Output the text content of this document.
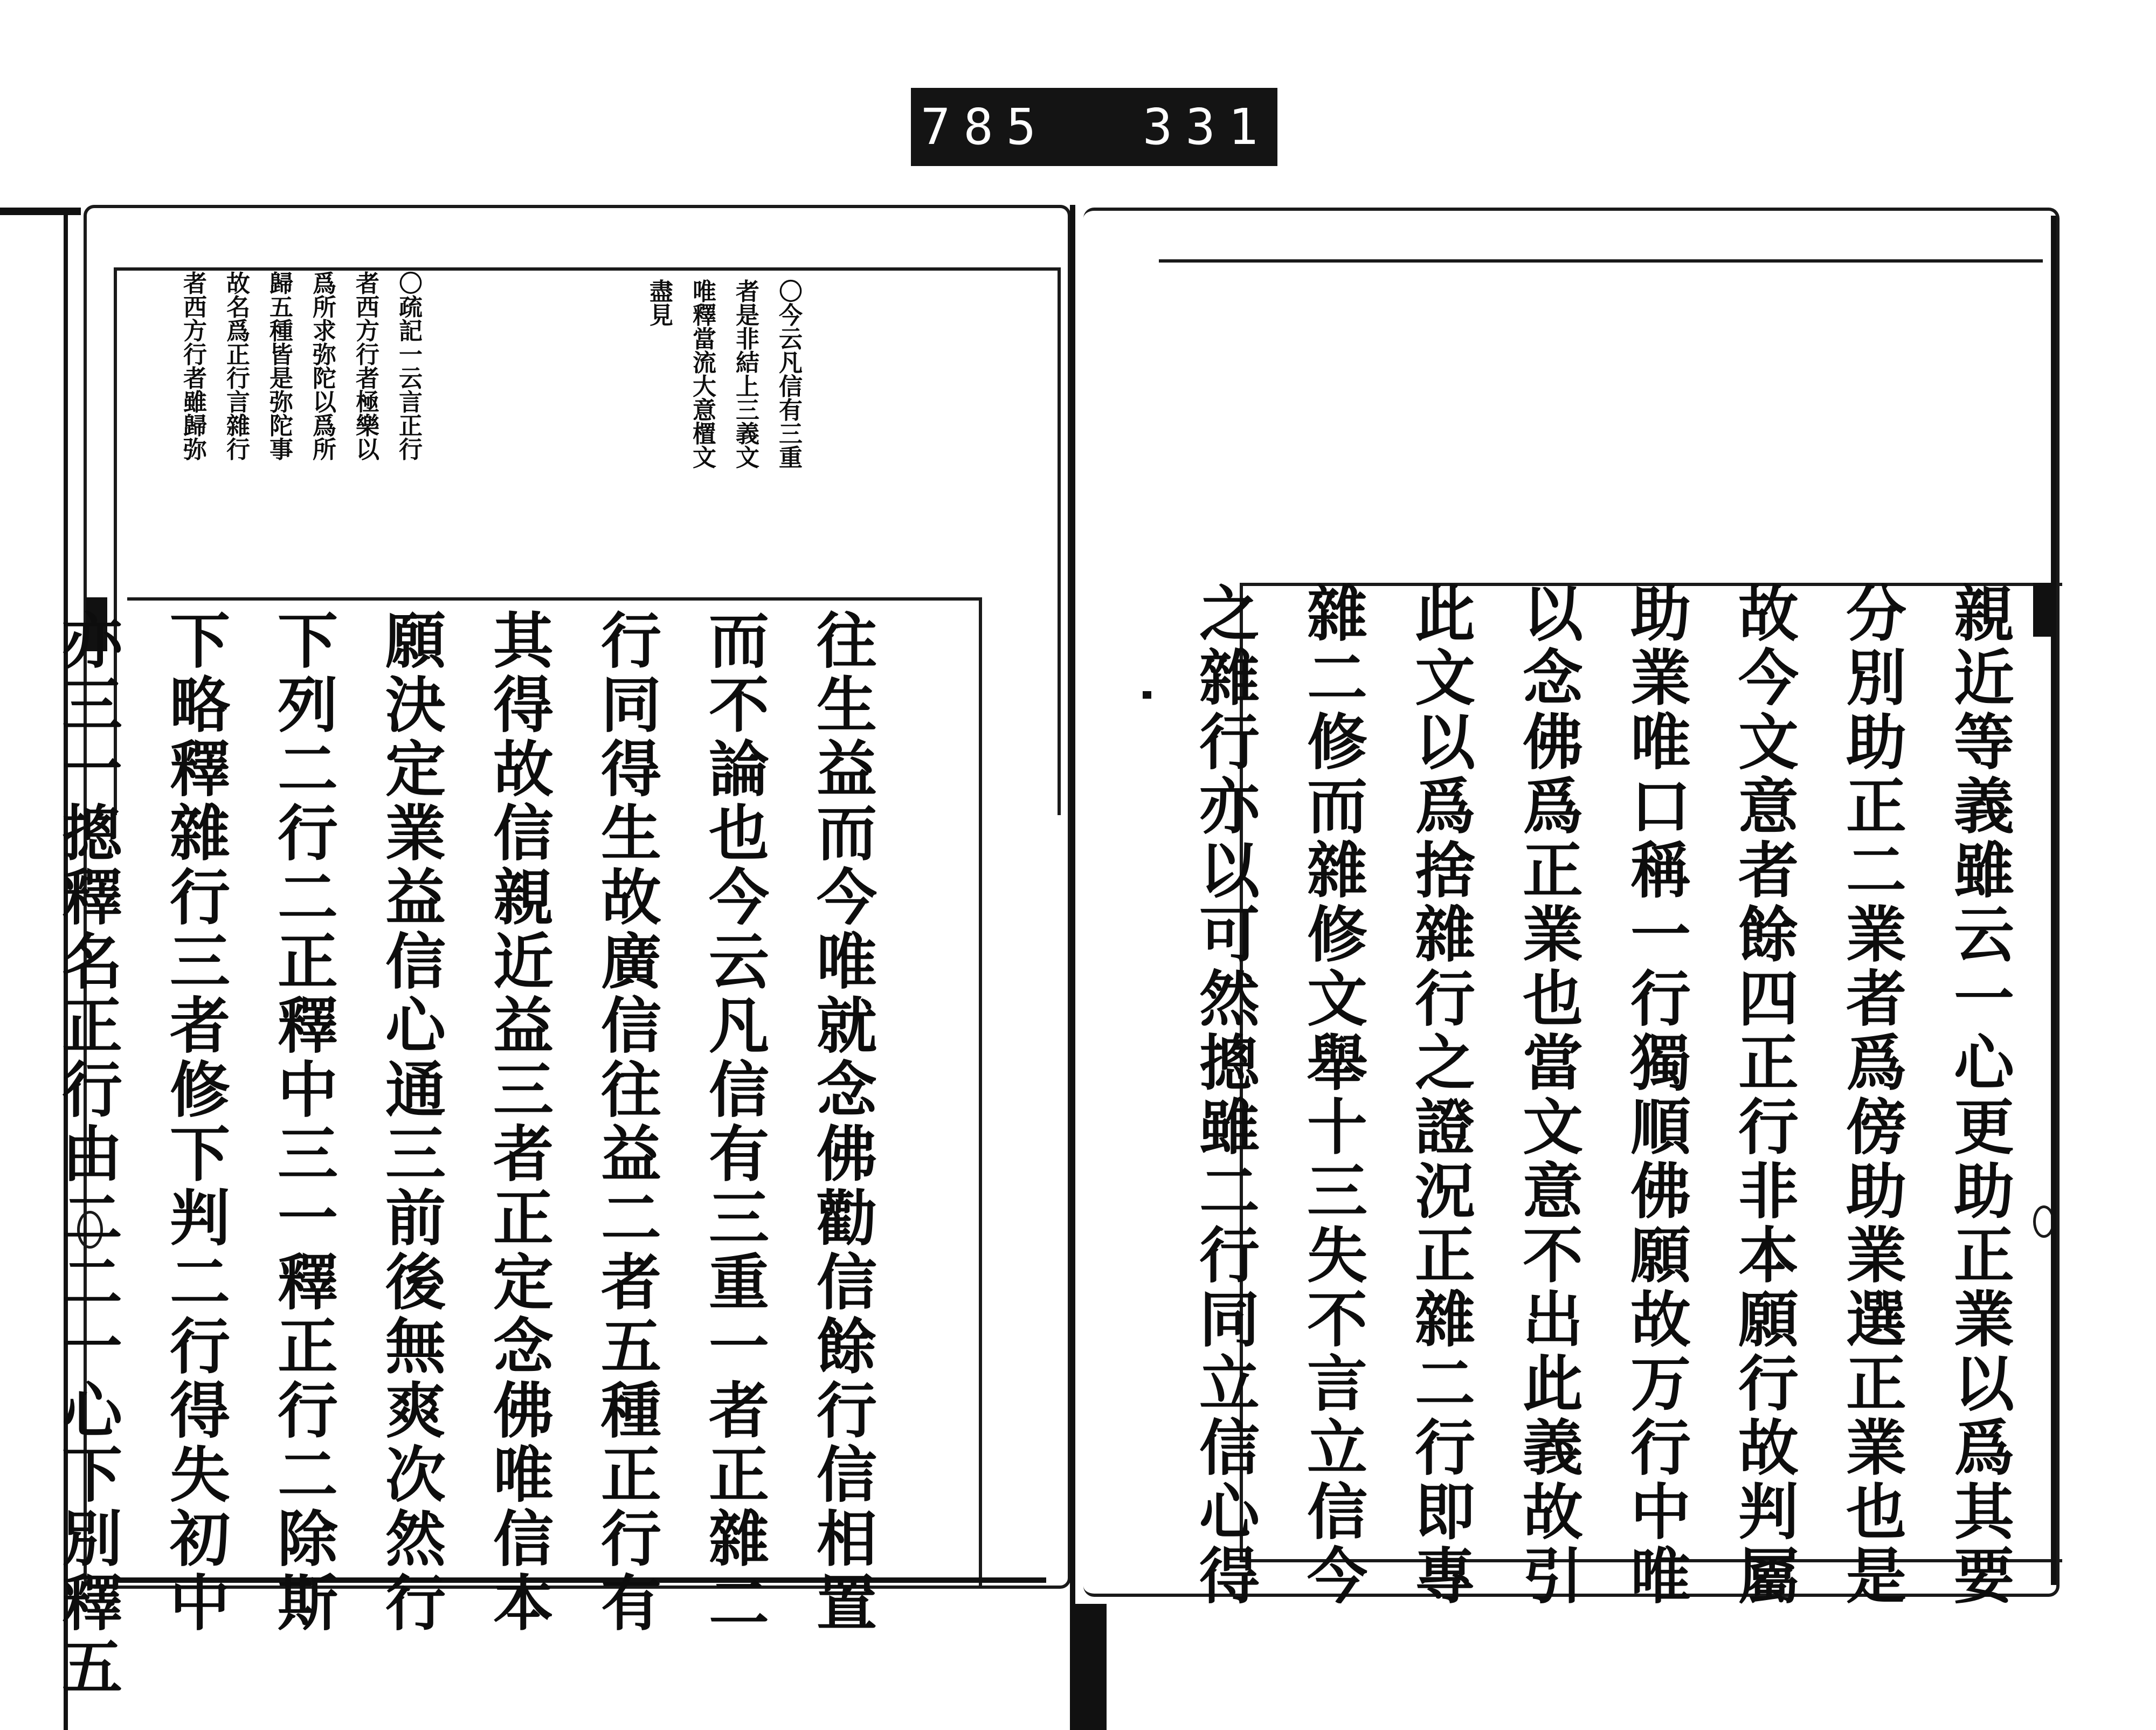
785 331
〇
今
云
凡
信
有
三
重
者
是
非
結
上
三
義
文
唯
釋
當
流
大
意
㯰
文
盡
見
〇
疏
記
一
云
言
正
行
者
西
方
行
者
極
樂
以
爲
所
求
弥
陀
以
爲
所
歸
五
種
皆
是
弥
陀
事
故
名
爲
正
行
言
雜
行
者
西
方
行
者
雖
歸
弥
往
生
益
而
今
唯
就
念
佛
勸
信
餘
行
信
相
置
而
不
論
也
今
云
凡
信
有
三
重
一
者
正
雜
二
行
同
得
生
故
廣
信
往
益
二
者
五
種
正
行
有
其
得
故
信
親
近
益
三
者
正
定
念
佛
唯
信
本
願
決
定
業
益
信
心
通
三
前
後
無
爽
次
然
行
下
列
二
行
二
正
釋
中
三
一
釋
正
行
二
除
斯
下
略
釋
雜
行
三
者
修
下
判
二
行
得
失
初
中
亦
三
一
摠
釋
名
正
行
由
二
二
一
心
下
別
釋
五
親
近
等
義
雖
云
一
心
更
助
正
業
以
爲
其
要
分
別
助
正
二
業
者
爲
傍
助
業
選
正
業
也
是
故
今
文
意
者
餘
四
正
行
非
本
願
行
故
判
屬
助
業
唯
口
稱
一
行
獨
順
佛
願
故
万
行
中
唯
以
念
佛
爲
正
業
也
當
文
意
不
出
此
義
故
引
此
文
以
爲
捨
雜
行
之
證
況
正
雜
二
行
即
專
雜
二
修
而
雜
修
文
舉
十
三
失
不
言
立
信
今
之
雜
行
亦
以
可
然
摠
雖
二
行
同
立
信
心
得
